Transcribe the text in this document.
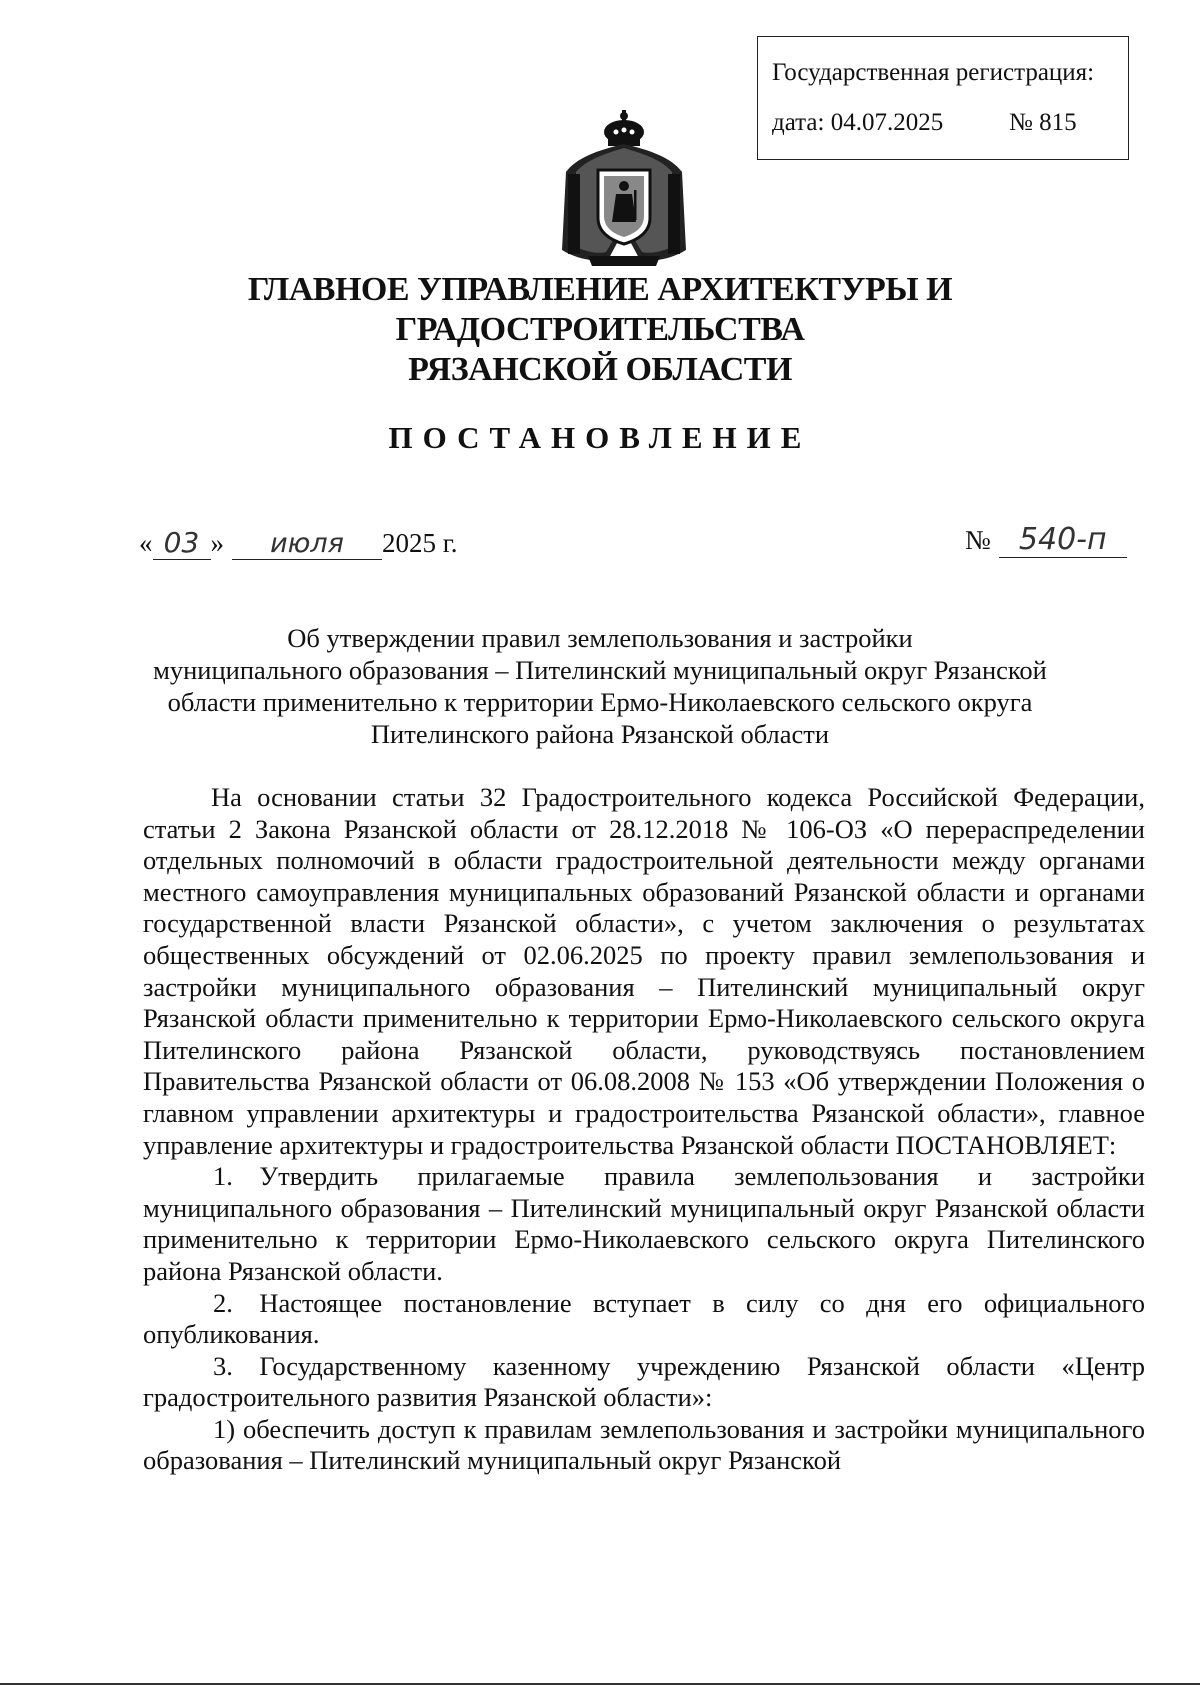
Государственная регистрация:
дата: 04.07.2025	№ 815
ГЛАВНОЕ УПРАВЛЕНИЕ АРХИТЕКТУРЫ И ГРАДОСТРОИТЕЛЬСТВА
РЯЗАНСКОЙ ОБЛАСТИ
ПОСТАНОВЛЕНИЕ
« 03 » июля 2025 г.	№ 540-п
Об утверждении правил землепользования и застройки
муниципального образования – Пителинский муниципальный округ Рязанской
области применительно к территории Ермо-Николаевского сельского округа
Пителинского района Рязанской области

На основании статьи 32 Градостроительного кодекса Российской Федерации, статьи 2 Закона Рязанской области от 28.12.2018 № 106-ОЗ «О перераспределении отдельных полномочий в области градостроительной деятельности между органами местного самоуправления муниципальных образований Рязанской области и органами государственной власти Рязанской области», с учетом заключения о результатах общественных обсуждений от 02.06.2025 по проекту правил землепользования и застройки муниципального образования – Пителинский муниципальный округ Рязанской области применительно к территории Ермо-Николаевского сельского округа Пителинского района Рязанской области, руководствуясь постановлением Правительства Рязанской области от 06.08.2008 № 153 «Об утверждении Положения о главном управлении архитектуры и градостроительства Рязанской области», главное управление архитектуры и градостроительства Рязанской области ПОСТАНОВЛЯЕТ:

1. Утвердить прилагаемые правила землепользования и застройки муниципального образования – Пителинский муниципальный округ Рязанской области применительно к территории Ермо-Николаевского сельского округа Пителинского района Рязанской области.

2. Настоящее постановление вступает в силу со дня его официального опубликования.

3. Государственному казенному учреждению Рязанской области «Центр градостроительного развития Рязанской области»:

1) обеспечить доступ к правилам землепользования и застройки муниципального образования – Пителинский муниципальный округ Рязанской
